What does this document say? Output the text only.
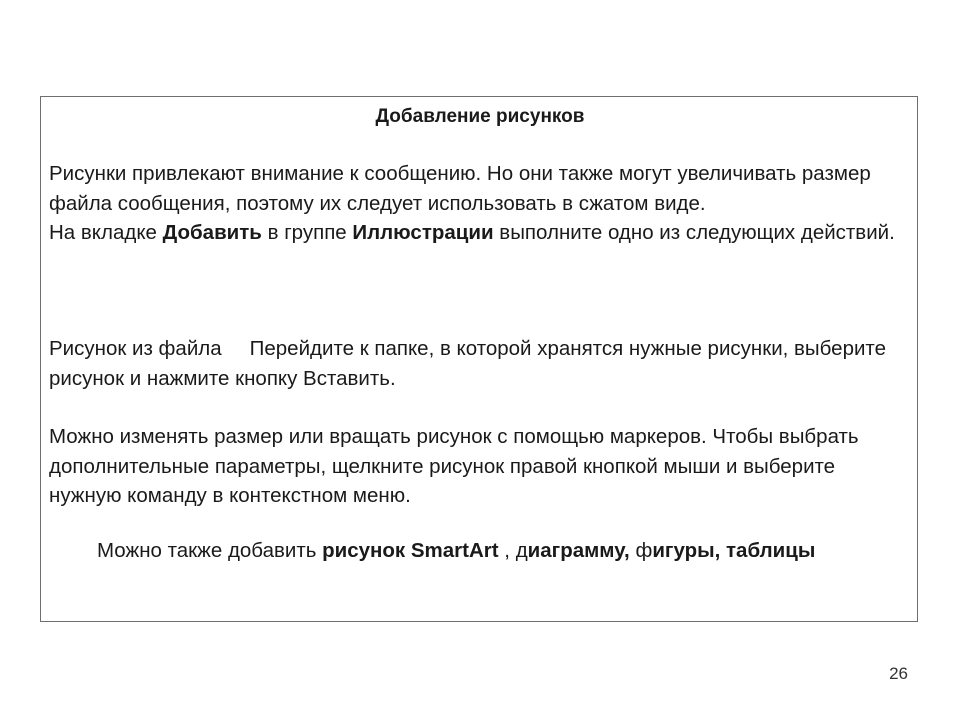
Добавление рисунков

Рисунки привлекают внимание к сообщению. Но они также могут увеличивать размер файла сообщения, поэтому их следует использовать в сжатом виде.
На вкладке Добавить в группе Иллюстрации выполните одно из следующих действий.

Рисунок из файла Перейдите к папке, в которой хранятся нужные рисунки, выберите рисунок и нажмите кнопку Вставить.

Можно изменять размер или вращать рисунок с помощью маркеров. Чтобы выбрать дополнительные параметры, щелкните рисунок правой кнопкой мыши и выберите нужную команду в контекстном меню.

Можно также добавить рисунок SmartArt , диаграмму, фигуры, таблицы

26
